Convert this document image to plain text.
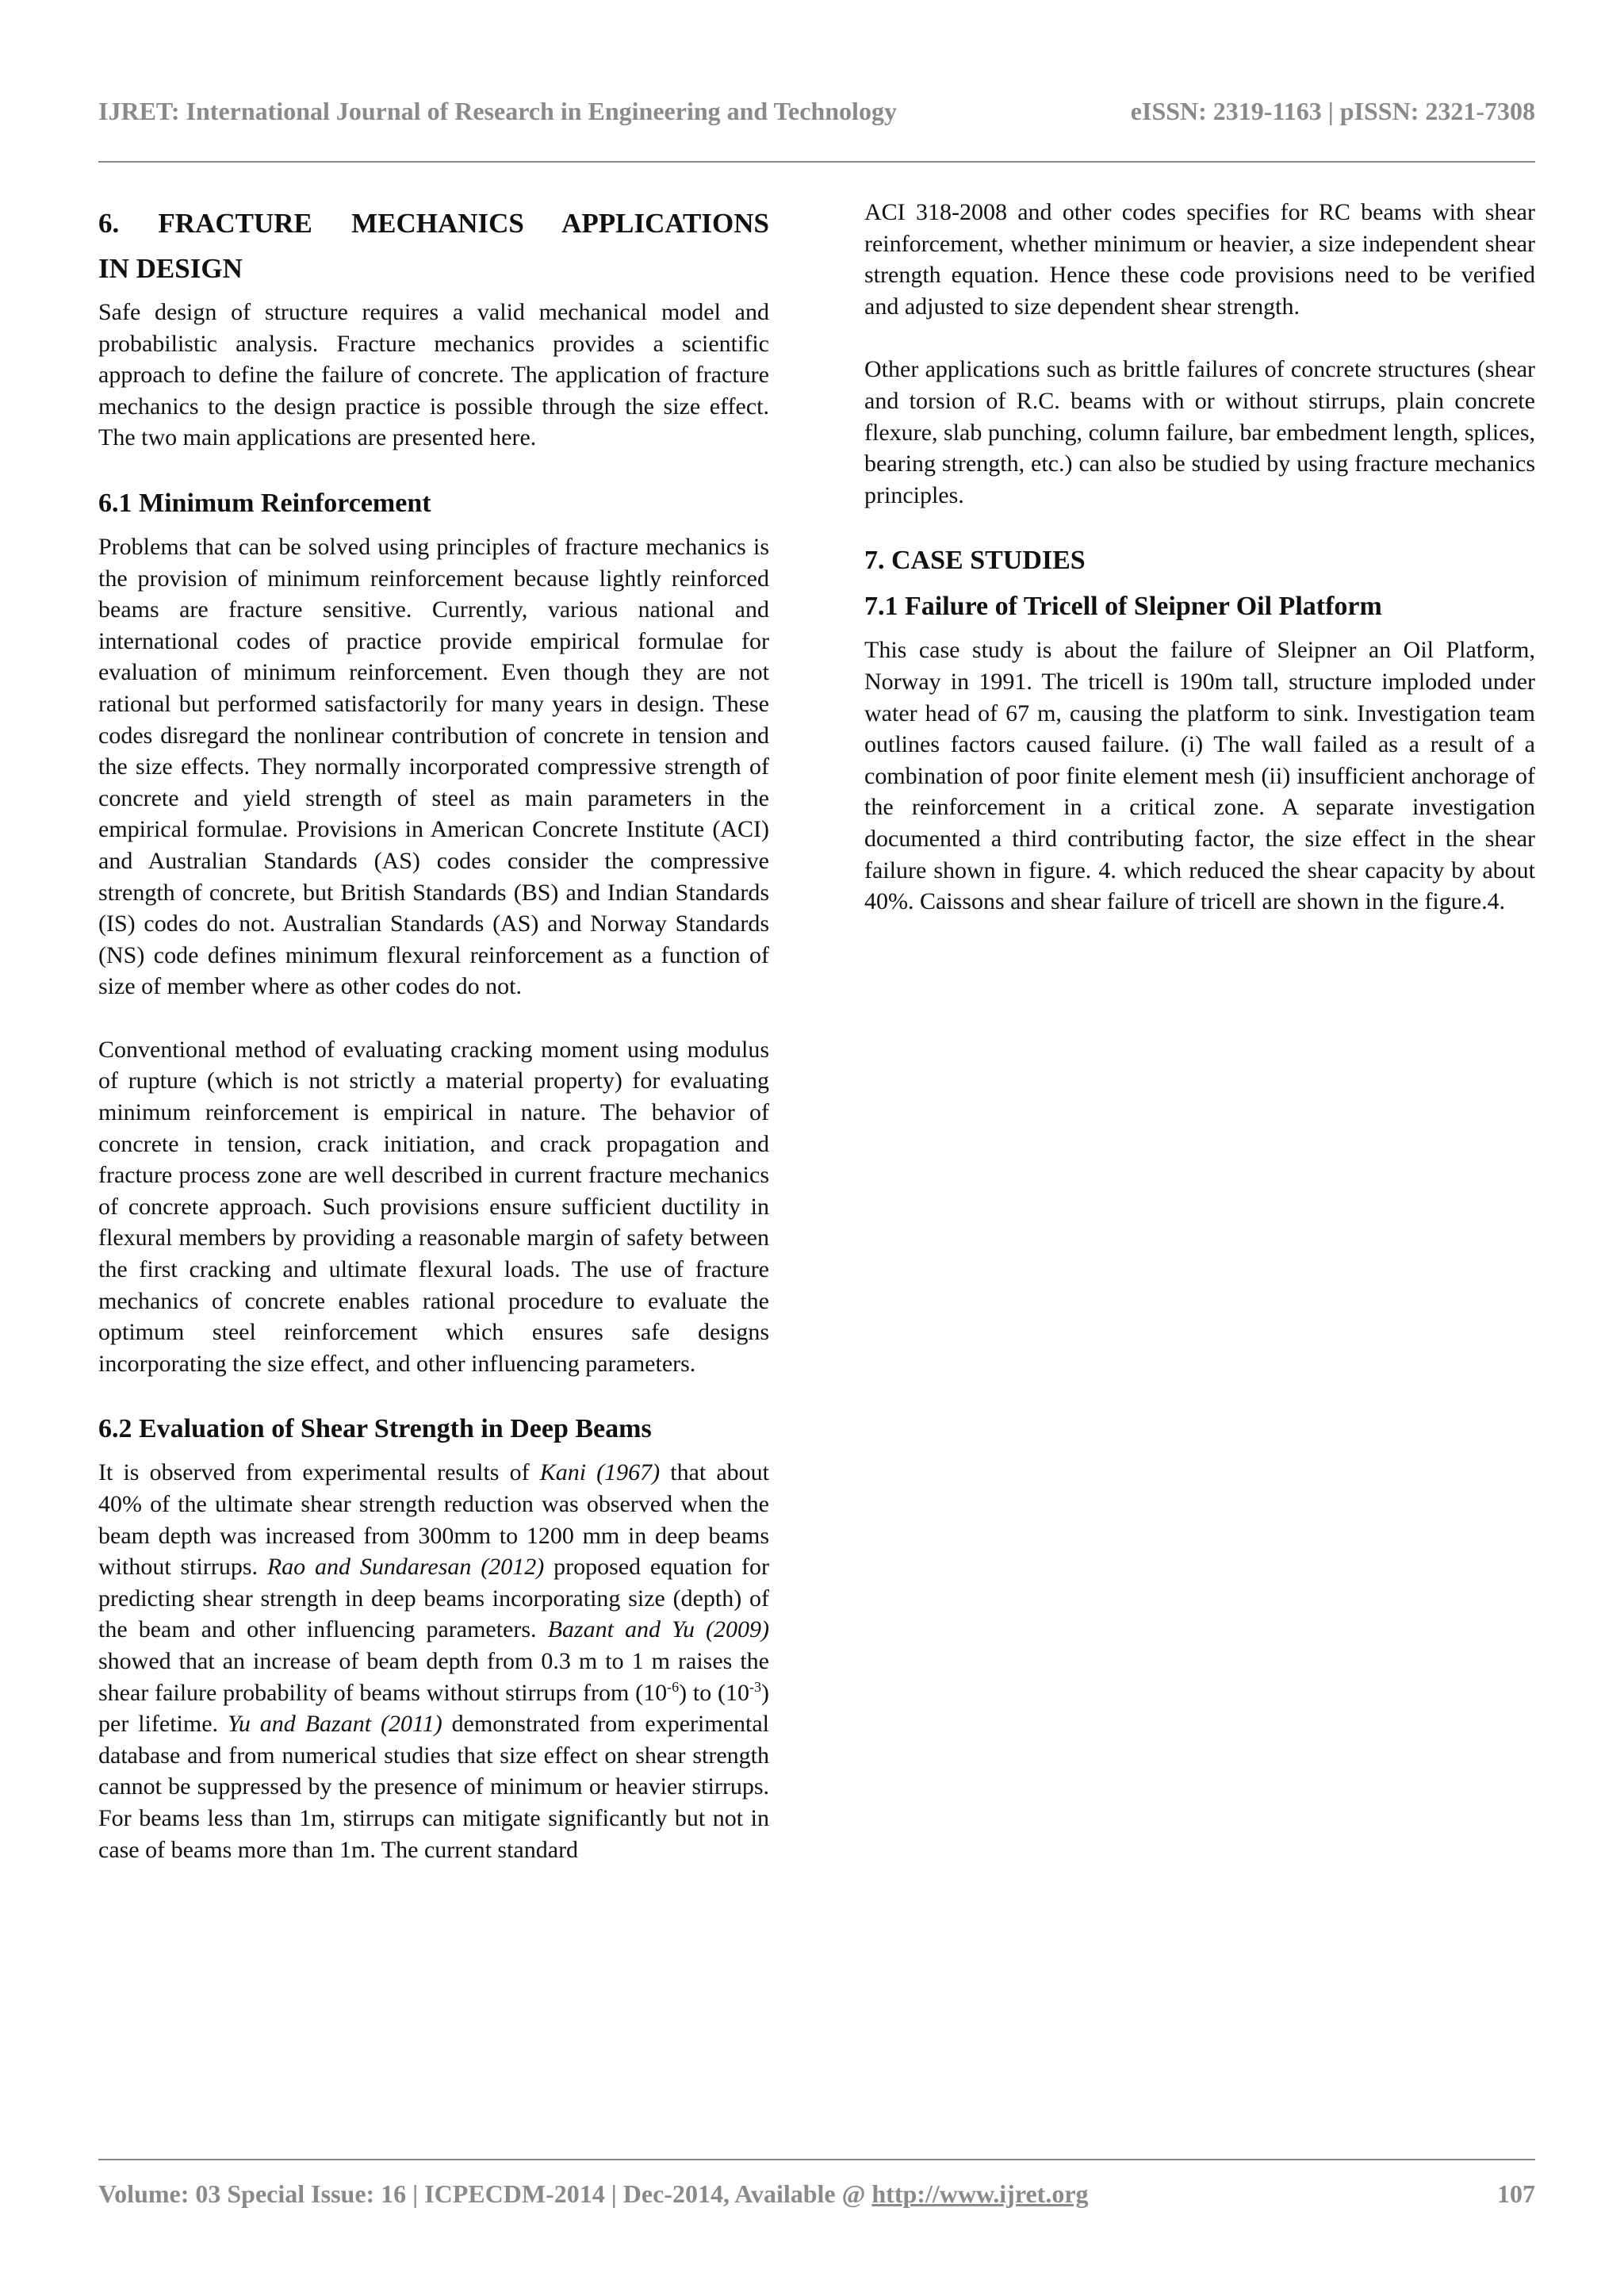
IJRET: International Journal of Research in Engineering and Technology	eISSN: 2319-1163 | pISSN: 2321-7308
6. FRACTURE MECHANICS APPLICATIONS
IN DESIGN

Safe design of structure requires a valid mechanical model and probabilistic analysis. Fracture mechanics provides a scientific approach to define the failure of concrete. The application of fracture mechanics to the design practice is possible through the size effect. The two main applications are presented here.

6.1 Minimum Reinforcement

Problems that can be solved using principles of fracture mechanics is the provision of minimum reinforcement because lightly reinforced beams are fracture sensitive. Currently, various national and international codes of practice provide empirical formulae for evaluation of minimum reinforcement. Even though they are not rational but performed satisfactorily for many years in design. These codes disregard the nonlinear contribution of concrete in tension and the size effects. They normally incorporated compressive strength of concrete and yield strength of steel as main parameters in the empirical formulae. Provisions in American Concrete Institute (ACI) and Australian Standards (AS) codes consider the compressive strength of concrete, but British Standards (BS) and Indian Standards (IS) codes do not. Australian Standards (AS) and Norway Standards (NS) code defines minimum flexural reinforcement as a function of size of member where as other codes do not.

Conventional method of evaluating cracking moment using modulus of rupture (which is not strictly a material property) for evaluating minimum reinforcement is empirical in nature. The behavior of concrete in tension, crack initiation, and crack propagation and fracture process zone are well described in current fracture mechanics of concrete approach. Such provisions ensure sufficient ductility in flexural members by providing a reasonable margin of safety between the first cracking and ultimate flexural loads. The use of fracture mechanics of concrete enables rational procedure to evaluate the optimum steel reinforcement which ensures safe designs incorporating the size effect, and other influencing parameters.

6.2 Evaluation of Shear Strength in Deep Beams

It is observed from experimental results of Kani (1967) that about 40% of the ultimate shear strength reduction was observed when the beam depth was increased from 300mm to 1200 mm in deep beams without stirrups. Rao and Sundaresan (2012) proposed equation for predicting shear strength in deep beams incorporating size (depth) of the beam and other influencing parameters. Bazant and Yu (2009) showed that an increase of beam depth from 0.3 m to 1 m raises the shear failure probability of beams without stirrups from $(10^{-6})$ to $(10^{-3})$ per lifetime. Yu and Bazant (2011) demonstrated from experimental database and from numerical studies that size effect on shear strength cannot be suppressed by the presence of minimum or heavier stirrups. For beams less than 1m, stirrups can mitigate significantly but not in case of beams more than 1m. The current standard

ACI 318-2008 and other codes specifies for RC beams with shear reinforcement, whether minimum or heavier, a size independent shear strength equation. Hence these code provisions need to be verified and adjusted to size dependent shear strength.

Other applications such as brittle failures of concrete structures (shear and torsion of R.C. beams with or without stirrups, plain concrete flexure, slab punching, column failure, bar embedment length, splices, bearing strength, etc.) can also be studied by using fracture mechanics principles.

7. CASE STUDIES
7.1 Failure of Tricell of Sleipner Oil Platform

This case study is about the failure of Sleipner an Oil Platform, Norway in 1991. The tricell is 190m tall, structure imploded under water head of 67 m, causing the platform to sink. Investigation team outlines factors caused failure. (i) The wall failed as a result of a combination of poor finite element mesh (ii) insufficient anchorage of the reinforcement in a critical zone. A separate investigation documented a third contributing factor, the size effect in the shear failure shown in figure. 4. which reduced the shear capacity by about 40%. Caissons and shear failure of tricell are shown in the figure.4.

Volume: 03 Special Issue: 16 | ICPECDM-2014 | Dec-2014, Available @ http://www.ijret.org	107
